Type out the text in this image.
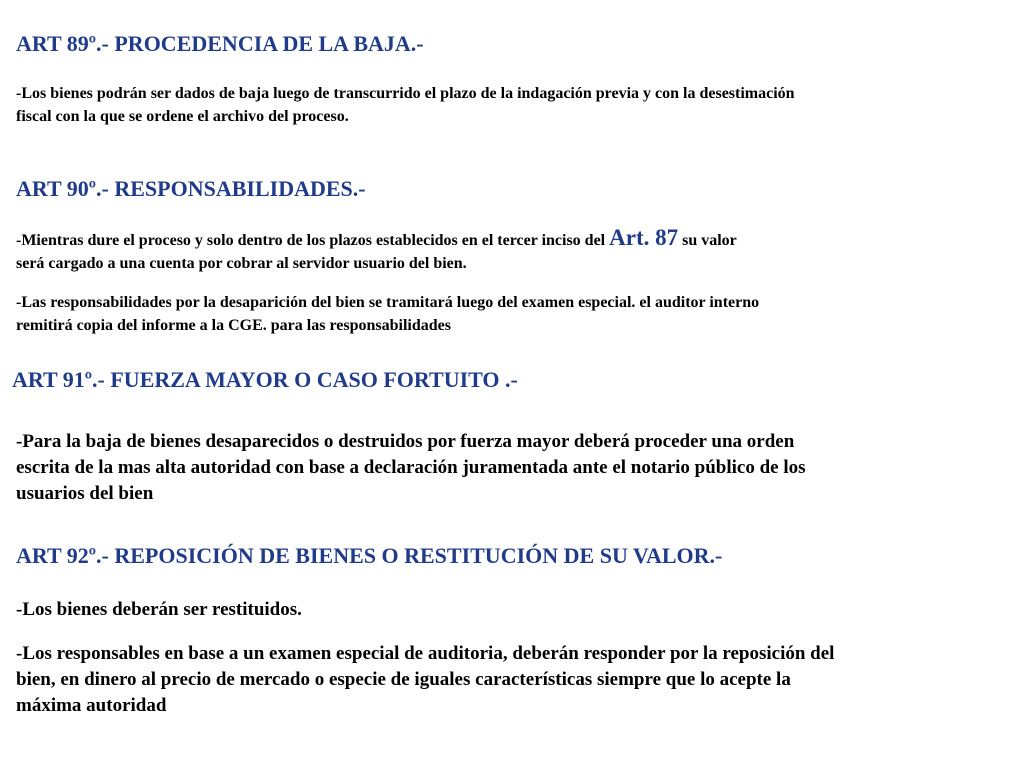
ART 89º.- PROCEDENCIA DE LA BAJA.-

-Los bienes podrán ser dados de baja luego de transcurrido el plazo de la indagación previa y con la desestimación
fiscal con la que se ordene el archivo del proceso.

ART 90º.- RESPONSABILIDADES.-

-Mientras dure el proceso y solo dentro de los plazos establecidos en el tercer inciso del Art. 87 su valor
será cargado a una cuenta por cobrar al servidor usuario del bien.

-Las responsabilidades por la desaparición del bien se tramitará luego del examen especial. el auditor interno
remitirá copia del informe a la CGE. para las responsabilidades

ART 91º.- FUERZA MAYOR O CASO FORTUITO .-

-Para la baja de bienes desaparecidos o destruidos por fuerza mayor deberá proceder una orden
escrita de la mas alta autoridad con base a declaración juramentada ante el notario público de los
usuarios del bien

ART 92º.- REPOSICIÓN DE BIENES O RESTITUCIÓN DE SU VALOR.-

-Los bienes deberán ser restituidos.

-Los responsables en base a un examen especial de auditoria, deberán responder por la reposición del
bien, en dinero al precio de mercado o especie de iguales características siempre que lo acepte la
máxima autoridad
